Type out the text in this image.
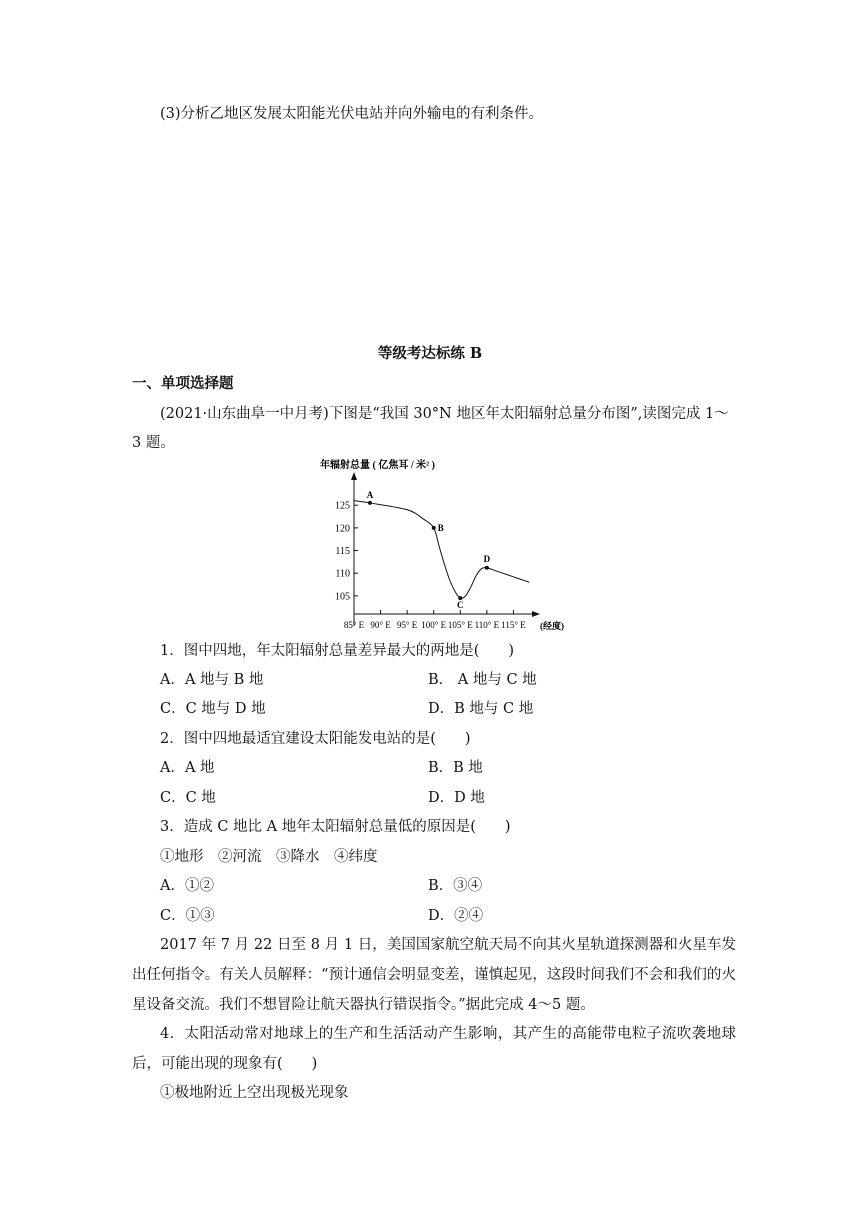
(3)分析乙地区发展太阳能光伏电站并向外输电的有利条件。
等级考达标练 B
一、单项选择题
(2021·山东曲阜一中月考)下图是“我国 30°N 地区年太阳辐射总量分布图”,读图完成 1～
3 题。
年辐射总量 ( 亿焦耳 / 米² )
105
110
115
120
125
85° E 90° E 95° E 100° E 105° E 110° E 115° E
A
B
C
D
(经度)
1．图中四地，年太阳辐射总量差异最大的两地是(　　)
A．A 地与 B 地	B． A 地与 C 地
C．C 地与 D 地	D．B 地与 C 地
2．图中四地最适宜建设太阳能发电站的是(　　)
A．A 地	B．B 地
C．C 地	D．D 地
3．造成 C 地比 A 地年太阳辐射总量低的原因是(　　)
①地形　②河流　③降水　④纬度
A．①②	B．③④
C．①③	D．②④
2017 年 7 月 22 日至 8 月 1 日，美国国家航空航天局不向其火星轨道探测器和火星车发出任何指令。有关人员解释：“预计通信会明显变差，谨慎起见，这段时间我们不会和我们的火星设备交流。我们不想冒险让航天器执行错误指令。”据此完成 4～5 题。
4．太阳活动常对地球上的生产和生活活动产生影响，其产生的高能带电粒子流吹袭地球后，可能出现的现象有(　　)
①极地附近上空出现极光现象
